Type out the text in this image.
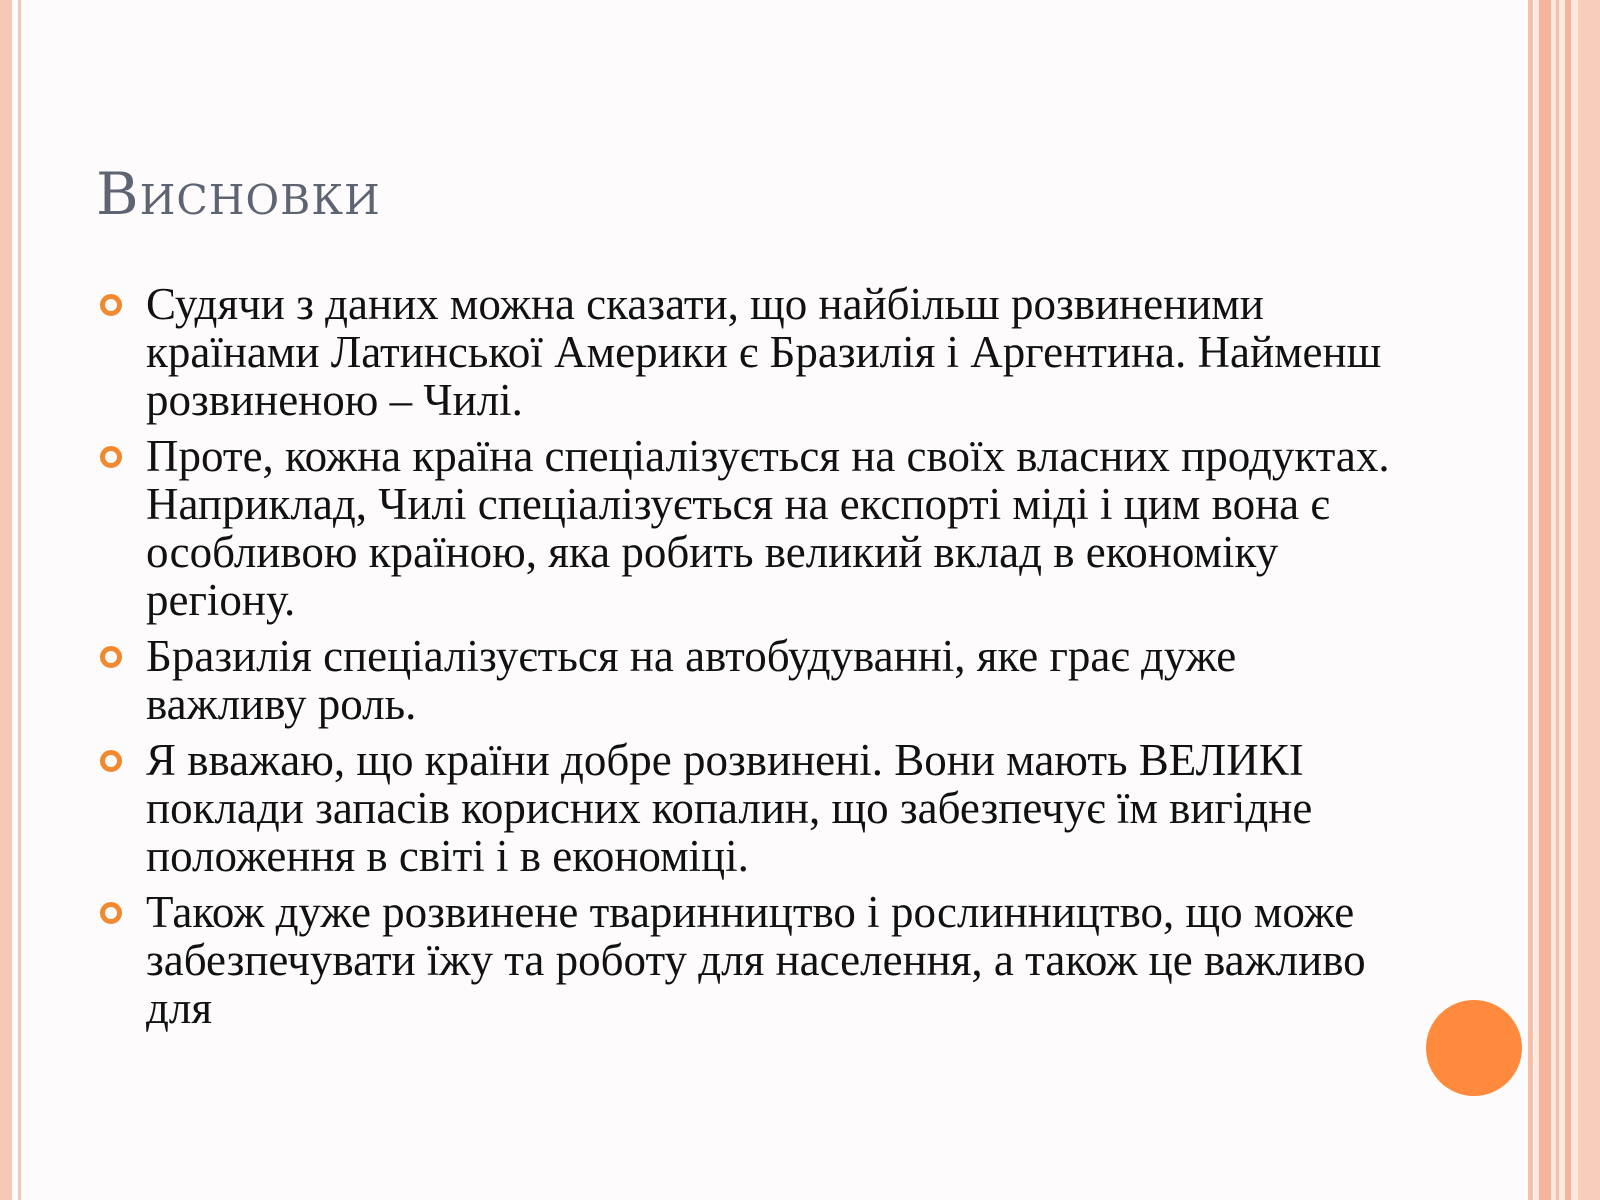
Висновки
Судячи з даних можна сказати, що найбільш розвиненими країнами Латинської Америки є Бразилія і Аргентина. Найменш розвиненою – Чилі.
Проте, кожна країна спеціалізується на своїх власних продуктах. Наприклад, Чилі спеціалізується на експорті міді і цим вона є особливою країною, яка робить великий вклад в економіку регіону.
Бразилія спеціалізується на автобудуванні, яке грає дуже важливу роль.
Я вважаю, що країни добре розвинені. Вони мають ВЕЛИКІ поклади запасів корисних копалин, що забезпечує їм вигідне положення в світі і в економіці.
Також дуже розвинене тваринництво і рослинництво, що може забезпечувати їжу та роботу для населення, а також це важливо для
